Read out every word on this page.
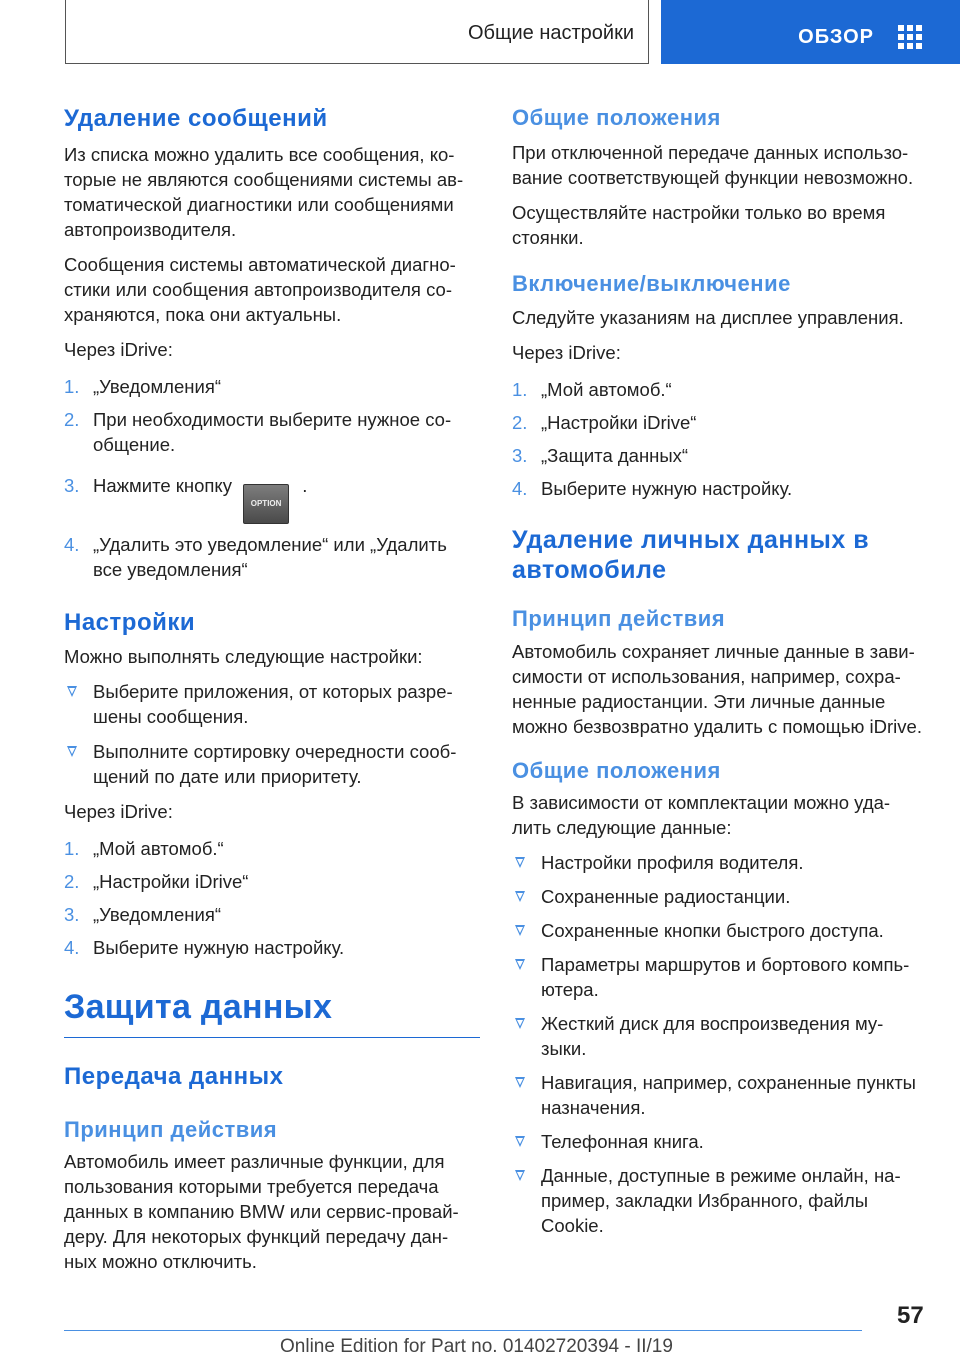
Общие настройки	ОБЗОР
Удаление сообщений

Из списка можно удалить все сообщения, ко-торые не являются сообщениями системы ав-томатической диагностики или сообщениями автопроизводителя.

Сообщения системы автоматической диагно-стики или сообщения автопроизводителя со-храняются, пока они актуальны.

Через iDrive:

1. „Уведомления“
2. При необходимости выберите нужное со-общение.
3. Нажмите кнопку OPTION .
4. „Удалить это уведомление“ или „Удалить все уведомления“
Настройки

Можно выполнять следующие настройки:

Выберите приложения, от которых разре-шены сообщения.
Выполните сортировку очередности сооб-щений по дате или приоритету.

Через iDrive:

1. „Мой автомоб.“
2. „Настройки iDrive“
3. „Уведомления“
4. Выберите нужную настройку.
Защита данных
Передача данных
Принцип действия

Автомобиль имеет различные функции, для пользования которыми требуется передача данных в компанию BMW или сервис-провай-деру. Для некоторых функций передачу дан-ных можно отключить.

Общие положения

При отключенной передаче данных использо-вание соответствующей функции невозможно.

Осуществляйте настройки только во время стоянки.

Включение/выключение

Следуйте указаниям на дисплее управления.

Через iDrive:

1. „Мой автомоб.“
2. „Настройки iDrive“
3. „Защита данных“
4. Выберите нужную настройку.
Удаление личных данных в автомобиле
Принцип действия

Автомобиль сохраняет личные данные в зави-симости от использования, например, сохра-ненные радиостанции. Эти личные данные можно безвозвратно удалить с помощью iDrive.

Общие положения

В зависимости от комплектации можно уда-лить следующие данные:

Настройки профиля водителя.
Сохраненные радиостанции.
Сохраненные кнопки быстрого доступа.
Параметры маршрутов и бортового компь-ютера.
Жесткий диск для воспроизведения му-зыки.
Навигация, например, сохраненные пункты назначения.
Телефонная книга.
Данные, доступные в режиме онлайн, на-пример, закладки Избранного, файлы Cookie.
57
Online Edition for Part no. 01402720394 - II/19
